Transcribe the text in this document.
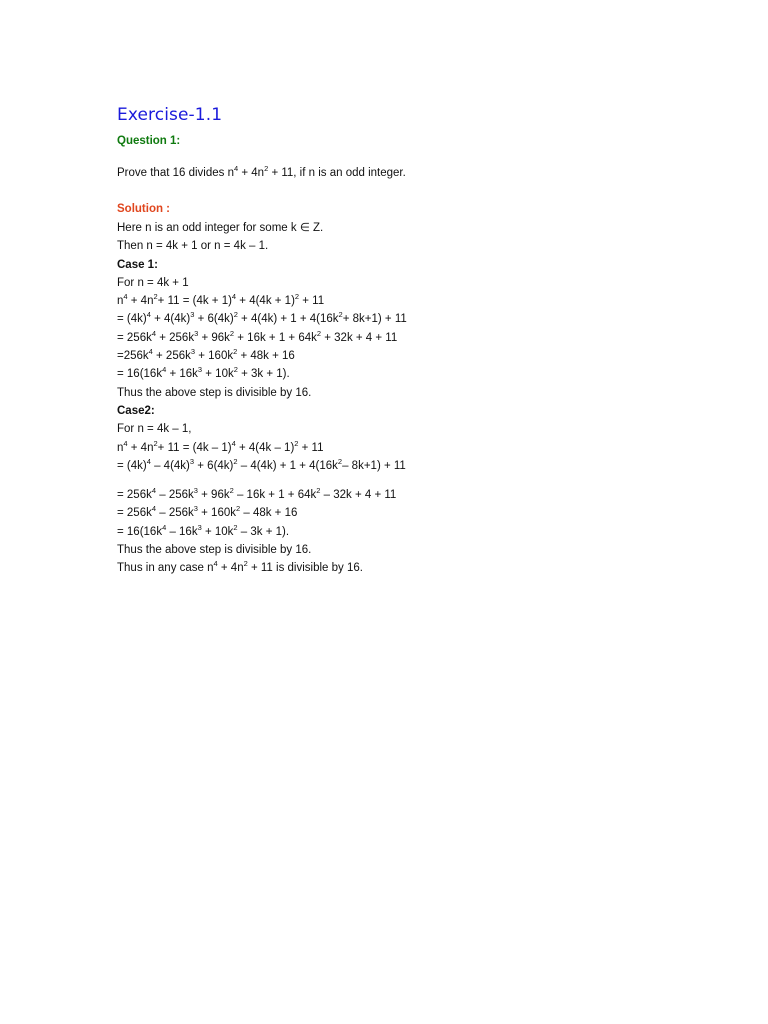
Exercise-1.1
Question 1:
Prove that 16 divides $n^4 + 4n^2 + 11$, if n is an odd integer.
Solution :
Here n is an odd integer for some k ∈ Z.
Then n = 4k + 1 or n = 4k – 1.
Case 1:
For n = 4k + 1
$n^4 + 4n^2+ 11 = (4k + 1)^4 + 4(4k + 1)^2 + 11$
= $(4k)^4 + 4(4k)^3 + 6(4k)^2 + 4(4k) + 1 + 4(16k^2+ 8k+1) + 11$
= $256k^4 + 256k^3 + 96k^2 + 16k + 1 + 64k^2 + 32k + 4 + 11$
$=256k^4 + 256k^3 + 160k^2 + 48k + 16$
= $16(16k^4 + 16k^3 + 10k^2 + 3k + 1)$.
Thus the above step is divisible by 16.
Case2:
For n = 4k – 1,
$n^4 + 4n^2+ 11 = (4k - 1)^4 + 4(4k - 1)^2 + 11$
= $(4k)^4 - 4(4k)^3 + 6(4k)^2 - 4(4k) + 1 + 4(16k^2-$ 8k+1) + 11
= $256k^4 - 256k^3 + 96k^2 - 16k + 1 + 64k^2 - 32k + 4 + 11$
= $256k^4 - 256k^3 + 160k^2 - 48k + 16$
= $16(16k^4 - 16k^3 + 10k^2 - 3k + 1)$.
Thus the above step is divisible by 16.
Thus in any case $n^4 + 4n^2 + 11$ is divisible by 16.
